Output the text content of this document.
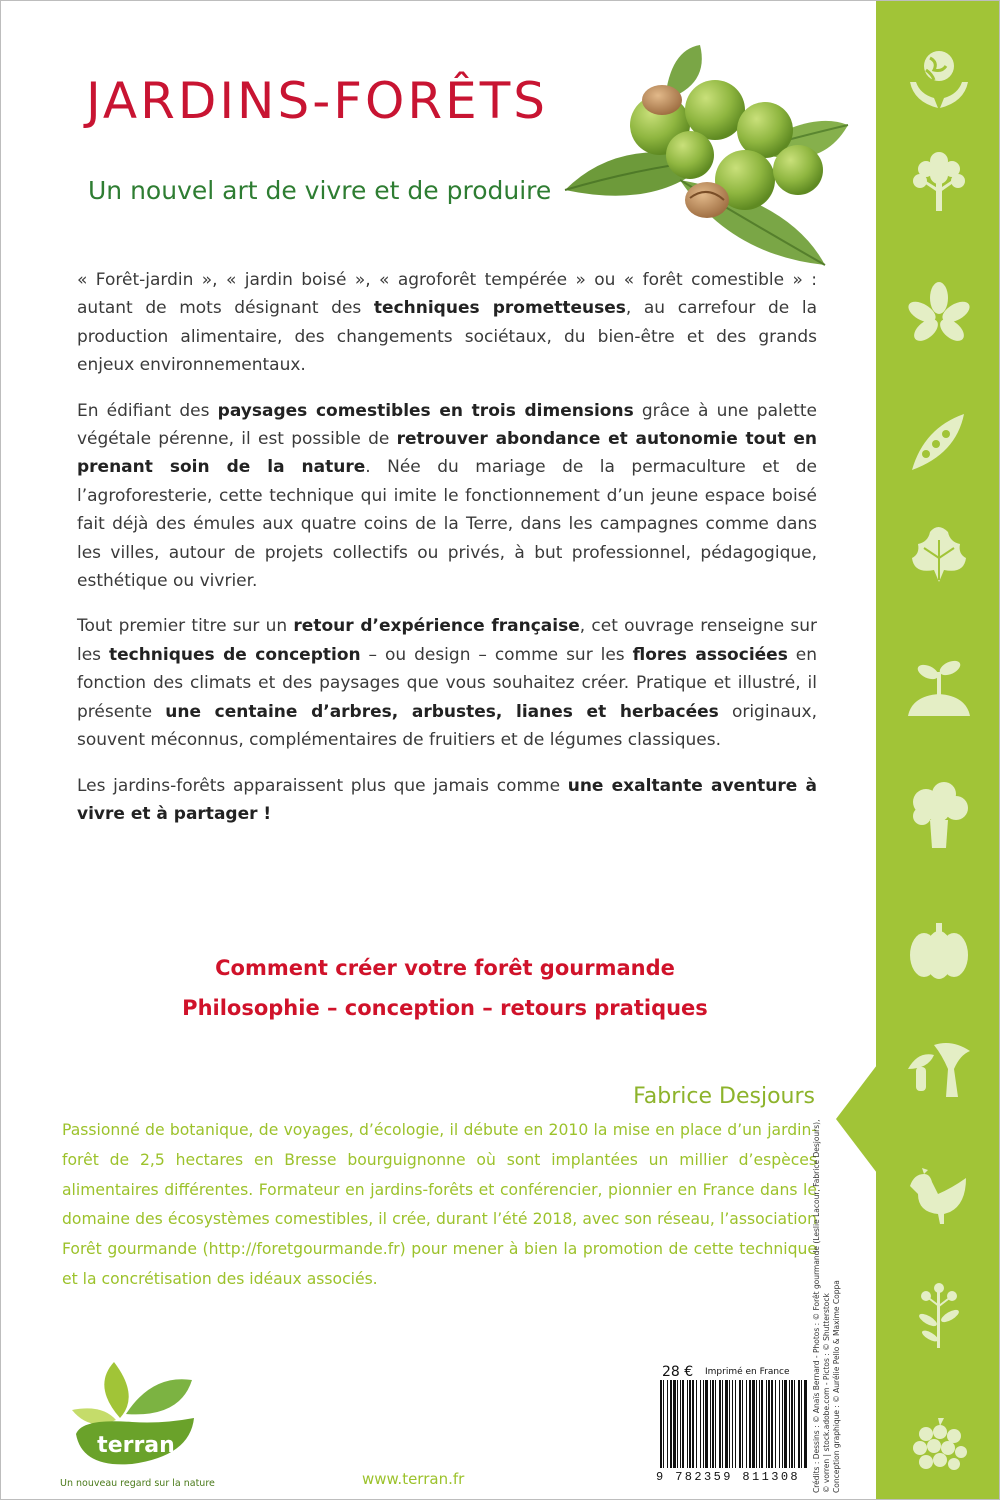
JARDINS-FORÊTS
Un nouvel art de vivre et de produire

« Forêt-jardin », « jardin boisé », « agroforêt tempérée » ou « forêt comestible » : autant de mots désignant des techniques prometteuses, au carrefour de la production alimentaire, des changements sociétaux, du bien-être et des grands enjeux environnementaux.

En édifiant des paysages comestibles en trois dimensions grâce à une palette végétale pérenne, il est possible de retrouver abondance et autonomie tout en prenant soin de la nature. Née du mariage de la permaculture et de l’agroforesterie, cette technique qui imite le fonctionnement d’un jeune espace boisé fait déjà des émules aux quatre coins de la Terre, dans les campagnes comme dans les villes, autour de projets collectifs ou privés, à but professionnel, pédagogique, esthétique ou vivrier.

Tout premier titre sur un retour d’expérience française, cet ouvrage renseigne sur les techniques de conception – ou design – comme sur les flores associées en fonction des climats et des paysages que vous souhaitez créer. Pratique et illustré, il présente une centaine d’arbres, arbustes, lianes et herbacées originaux, souvent méconnus, complémentaires de fruitiers et de légumes classiques.

Les jardins-forêts apparaissent plus que jamais comme une exaltante aventure à vivre et à partager !

Comment créer votre forêt gourmande
Philosophie – conception – retours pratiques
Fabrice Desjours
Passionné de botanique, de voyages, d’écologie, il débute en 2010 la mise en place d’un jardin-forêt de 2,5 hectares en Bresse bourguignonne où sont implantées un millier d’espèces alimentaires différentes. Formateur en jardins-forêts et conférencier, pionnier en France dans le domaine des écosystèmes comestibles, il crée, durant l’été 2018, avec son réseau, l’association Forêt gourmande (http://foretgourmande.fr) pour mener à bien la promotion de cette technique et la concrétisation des idéaux associés.	Crédits : Dessins : © Anaïs Bernard - Photos : © Forêt gourmande (Leslie Lacour, Fabrice Desjours), © vorren | stock.adobe.com - Pictos : © Shutterstock Conception graphique : © Aurélie Pello & Maxime Coppa
terran
Un nouveau regard sur la nature	www.terran.fr
28 € Imprimé en France
9 782359 811308
